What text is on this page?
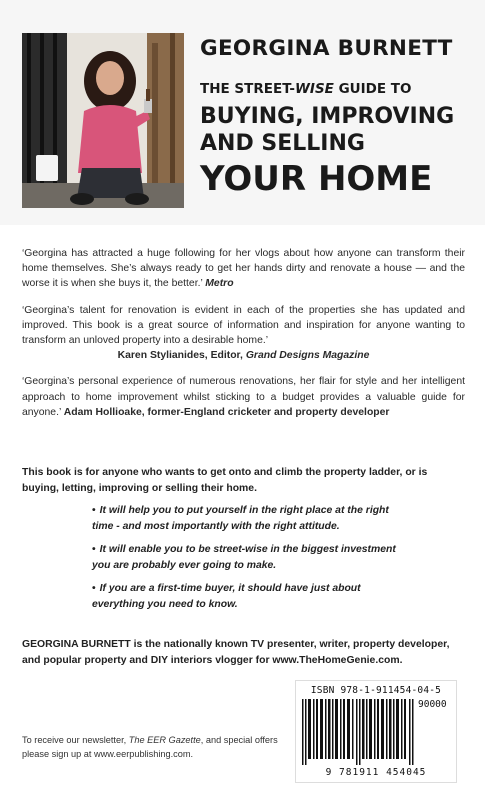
GEORGINA BURNETT
THE STREET-WISE GUIDE TO
BUYING, IMPROVING
AND SELLING
YOUR HOME

‘Georgina has attracted a huge following for her vlogs about how anyone can transform their home themselves. She’s always ready to get her hands dirty and renovate a house — and the worse it is when she buys it, the better.’ Metro

‘Georgina’s talent for renovation is evident in each of the properties she has updated and improved. This book is a great source of information and inspiration for anyone wanting to transform an unloved property into a desirable home.’

Karen Stylianides, Editor, Grand Designs Magazine

‘Georgina’s personal experience of numerous renovations, her flair for style and her intelligent approach to home improvement whilst sticking to a budget provides a valuable guide for anyone.’ Adam Hollioake, former-England cricketer and property developer

This book is for anyone who wants to get onto and climb the property ladder, or is buying, letting, improving or selling their home.

• It will help you to put yourself in the right place at the right time - and most importantly with the right attitude.
• It will enable you to be street-wise in the biggest investment you are probably ever going to make.
• If you are a first-time buyer, it should have just about everything you need to know.

GEORGINA BURNETT is the nationally known TV presenter, writer, property developer, and popular property and DIY interiors vlogger for www.TheHomeGenie.com.

To receive our newsletter, The EER Gazette, and special offers please sign up at www.eerpublishing.com.

ISBN 978-1-911454-04-5
90000
9 781911 454045
